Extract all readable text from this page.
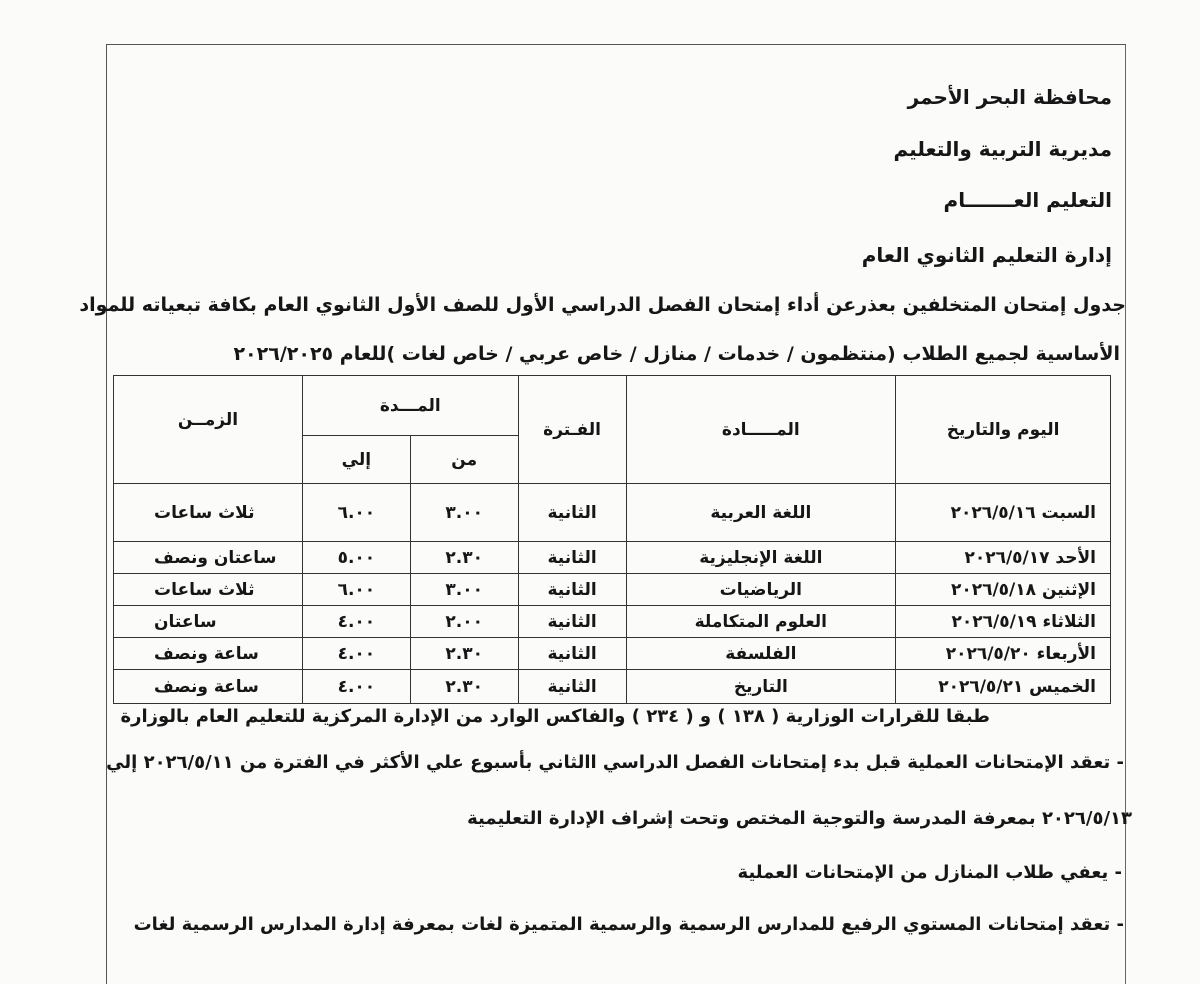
محافظة البحر الأحمر
مديرية التربية والتعليم
التعليم العـــــــام
إدارة التعليم الثانوي العام
جدول إمتحان المتخلفين بعذرعن أداء إمتحان الفصل الدراسي الأول للصف الأول الثانوي العام بكافة تبعياته للمواد
الأساسية لجميع الطلاب (منتظمون / خدمات / منازل / خاص عربي / خاص لغات )للعام ٢٠٢٦/٢٠٢٥
اليوم والتاريخ	المـــــادة	الفـترة	المـــدة		الزمــن
			من	إلي	
السبت ٢٠٢٦/٥/١٦	اللغة العربية	الثانية	٣.٠٠	٦.٠٠	ثلاث ساعات
الأحد ٢٠٢٦/٥/١٧	اللغة الإنجليزية	الثانية	٢.٣٠	٥.٠٠	ساعتان ونصف
الإثنين ٢٠٢٦/٥/١٨	الرياضيات	الثانية	٣.٠٠	٦.٠٠	ثلاث ساعات
الثلاثاء ٢٠٢٦/٥/١٩	العلوم المتكاملة	الثانية	٢.٠٠	٤.٠٠	ساعتان
الأربعاء ٢٠٢٦/٥/٢٠	الفلسفة	الثانية	٢.٣٠	٤.٠٠	ساعة ونصف
الخميس ٢٠٢٦/٥/٢١	التاريخ	الثانية	٢.٣٠	٤.٠٠	ساعة ونصف
طبقا للقرارات الوزارية ( ١٣٨ ) و ( ٢٣٤ ) والفاكس الوارد من الإدارة المركزية للتعليم العام بالوزارة
- تعقد الإمتحانات العملية قبل بدء إمتحانات الفصل الدراسي االثاني بأسبوع علي الأكثر في الفترة من ٢٠٢٦/٥/١١ إلي
٢٠٢٦/٥/١٣ بمعرفة المدرسة والتوجية المختص وتحت إشراف الإدارة التعليمية
- يعفي طلاب المنازل من الإمتحانات العملية
- تعقد إمتحانات المستوي الرفيع للمدارس الرسمية والرسمية المتميزة لغات بمعرفة إدارة المدارس الرسمية لغات
